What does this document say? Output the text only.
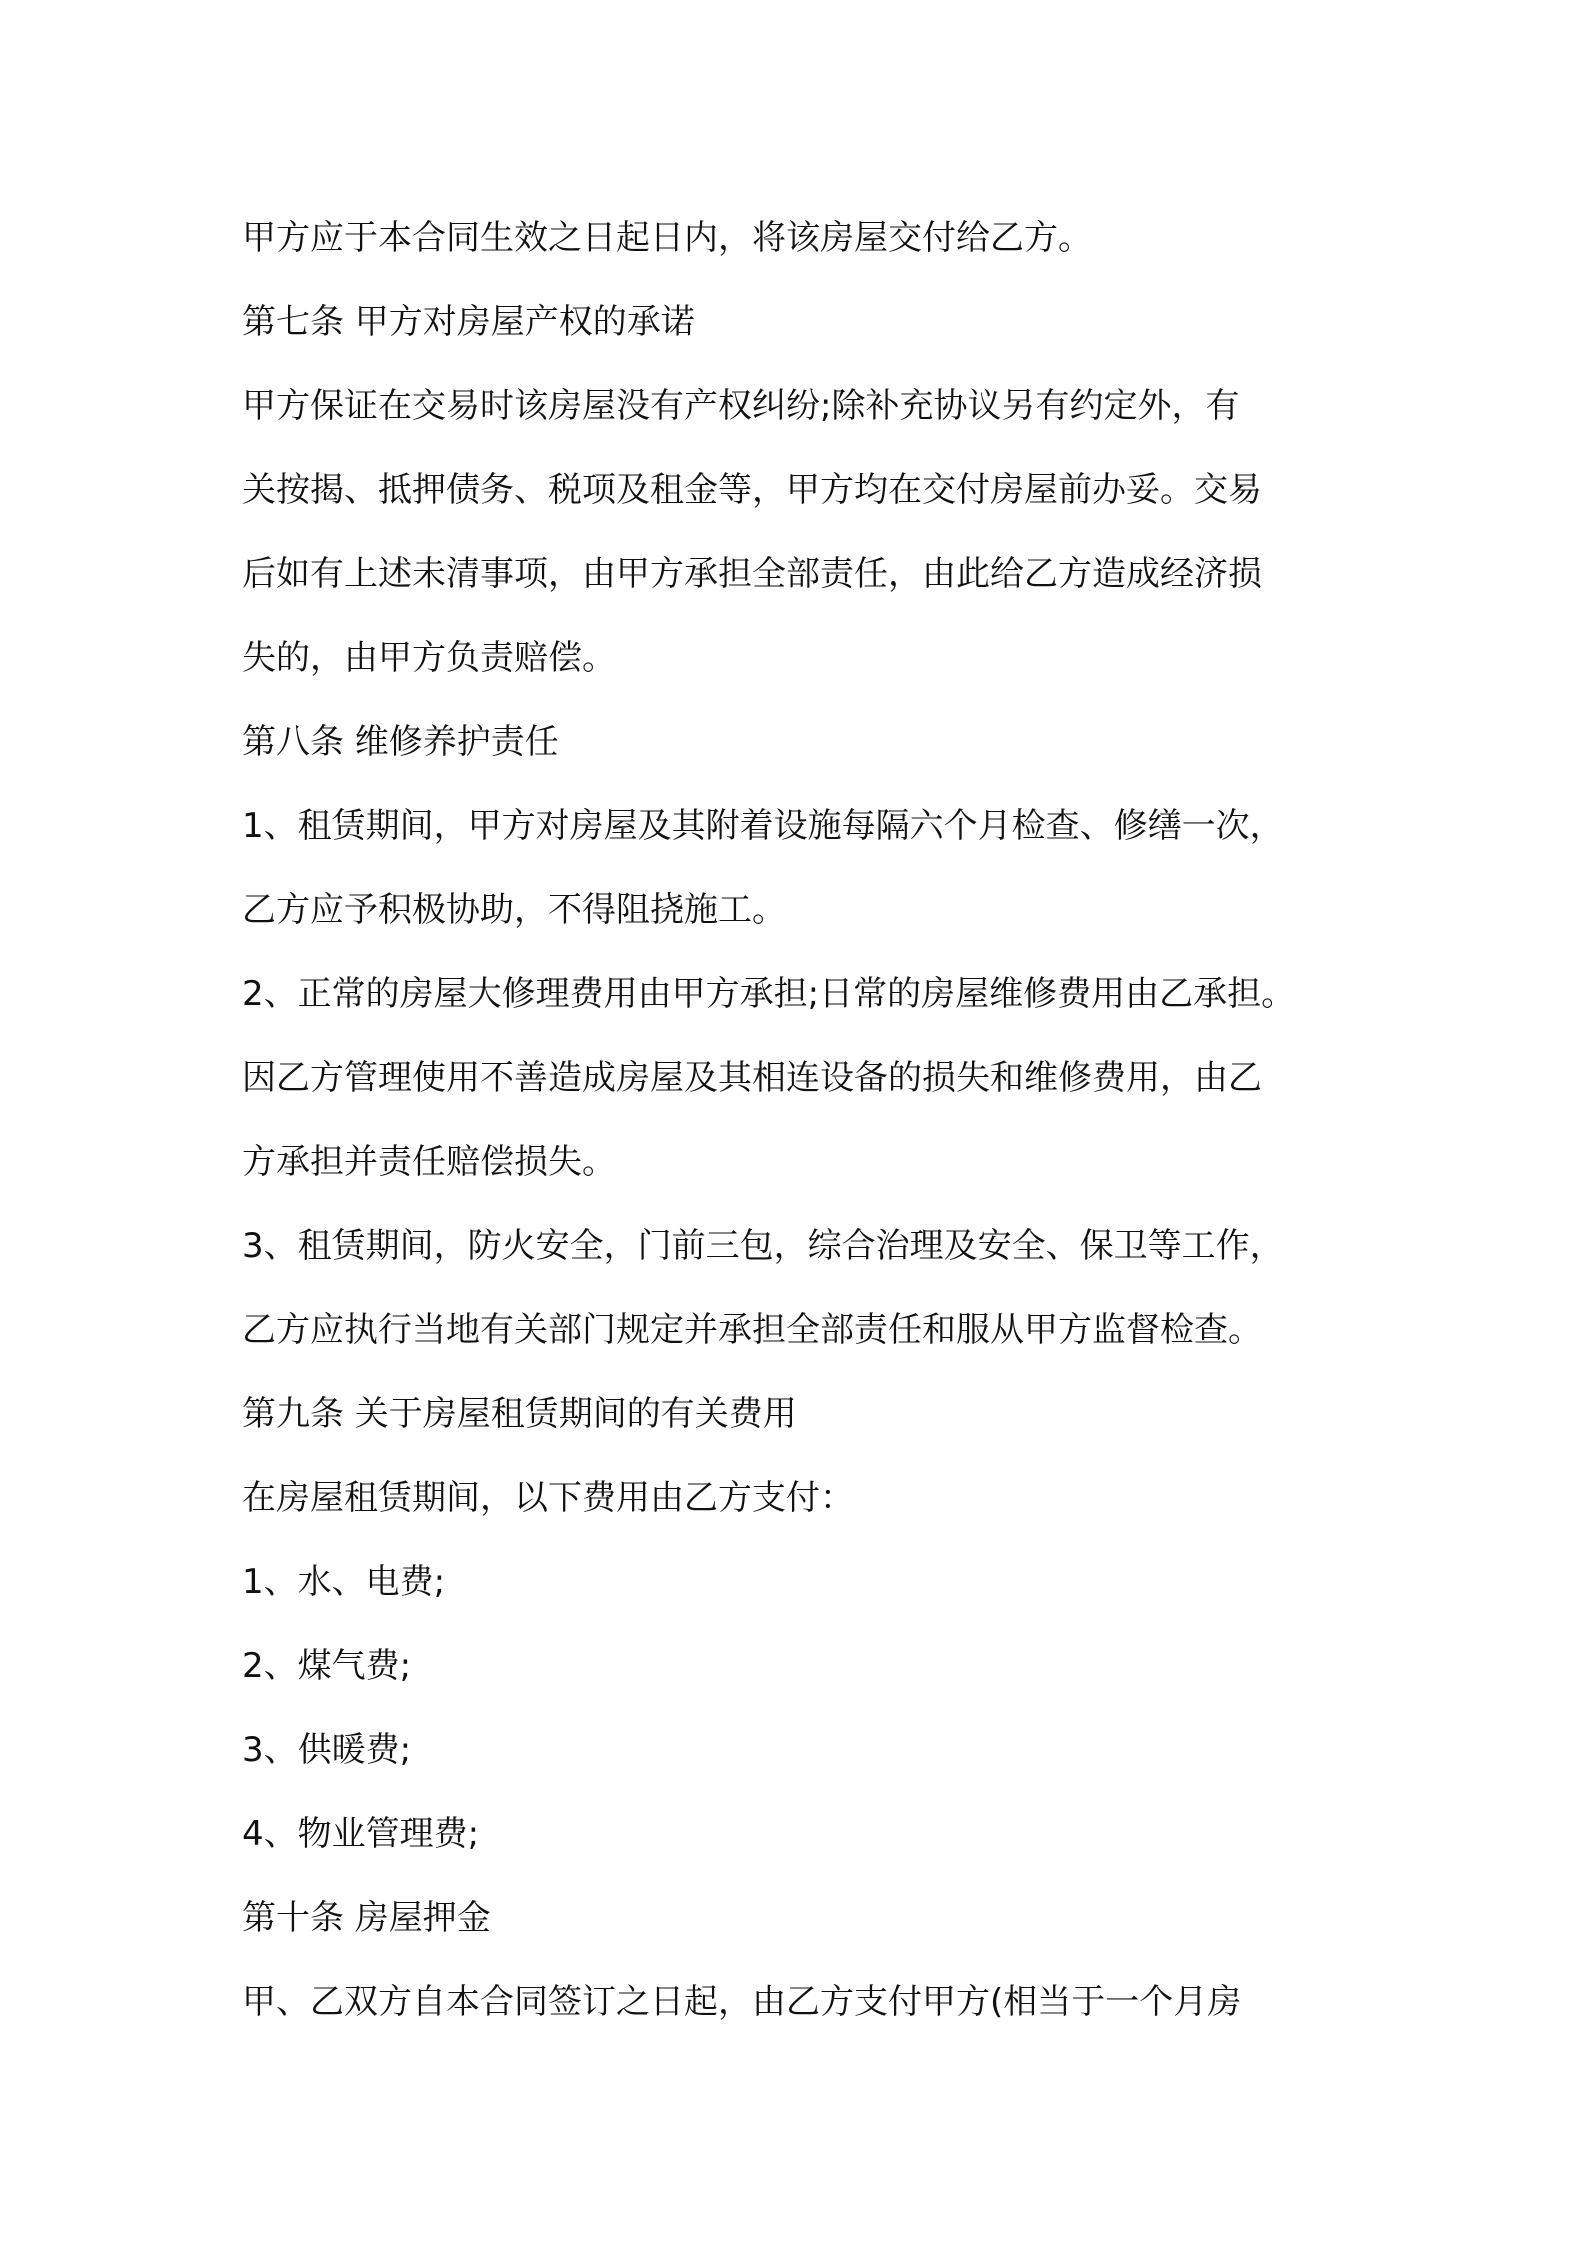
甲方应于本合同生效之日起日内，将该房屋交付给乙方。
第七条 甲方对房屋产权的承诺
甲方保证在交易时该房屋没有产权纠纷;除补充协议另有约定外，有
关按揭、抵押债务、税项及租金等，甲方均在交付房屋前办妥。交易
后如有上述未清事项，由甲方承担全部责任，由此给乙方造成经济损
失的，由甲方负责赔偿。
第八条 维修养护责任
1、租赁期间，甲方对房屋及其附着设施每隔六个月检查、修缮一次，
乙方应予积极协助，不得阻挠施工。
2、正常的房屋大修理费用由甲方承担;日常的房屋维修费用由乙承担。
因乙方管理使用不善造成房屋及其相连设备的损失和维修费用，由乙
方承担并责任赔偿损失。
3、租赁期间，防火安全，门前三包，综合治理及安全、保卫等工作，
乙方应执行当地有关部门规定并承担全部责任和服从甲方监督检查。
第九条 关于房屋租赁期间的有关费用
在房屋租赁期间，以下费用由乙方支付：
1、水、电费;
2、煤气费;
3、供暖费;
4、物业管理费;
第十条 房屋押金
甲、乙双方自本合同签订之日起，由乙方支付甲方(相当于一个月房
